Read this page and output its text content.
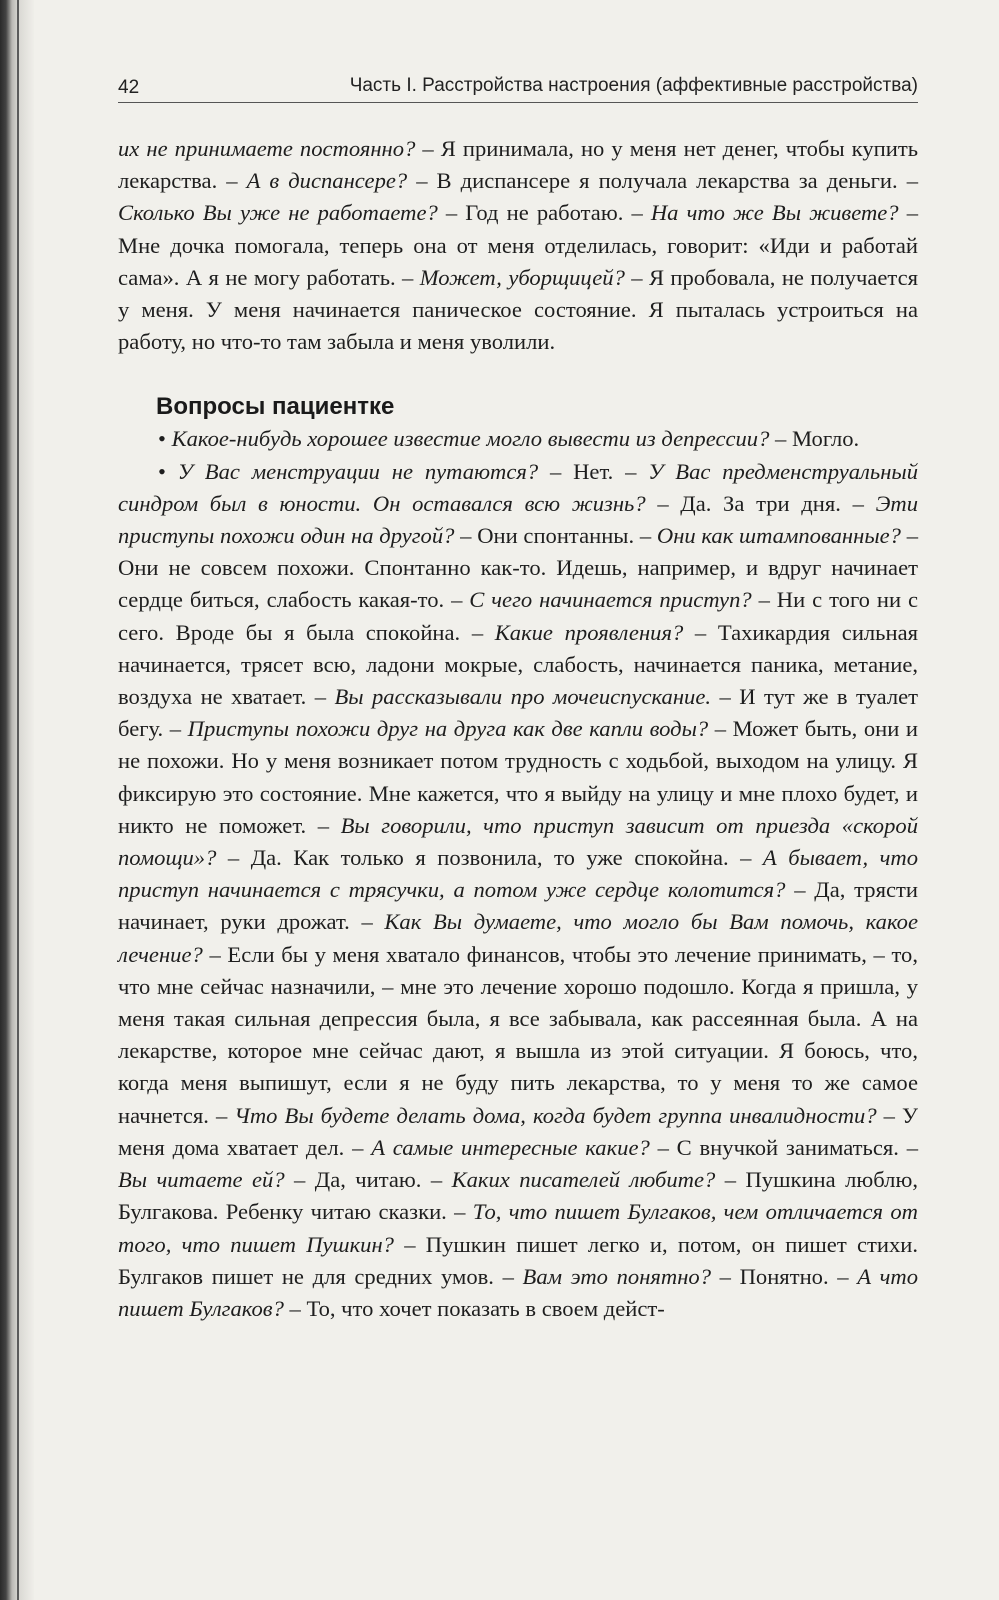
42	Часть I. Расстройства настроения (аффективные расстройства)

их не принимаете постоянно? – Я принимала, но у меня нет денег, чтобы купить лекарства. – А в диспансере? – В диспансере я получала лекарства за деньги. – Сколько Вы уже не работаете? – Год не работаю. – На что же Вы живете? – Мне дочка помогала, теперь она от меня отделилась, говорит: «Иди и работай сама». А я не могу работать. – Может, уборщицей? – Я пробовала, не получается у меня. У меня начинается паническое состояние. Я пыталась устроиться на работу, но что-то там забыла и меня уволили.

Вопросы пациентке

• Какое-нибудь хорошее известие могло вывести из депрессии? – Могло.

• У Вас менструации не путаются? – Нет. – У Вас предменструальный синдром был в юности. Он оставался всю жизнь? – Да. За три дня. – Эти приступы похожи один на другой? – Они спонтанны. – Они как штампованные? – Они не совсем похожи. Спонтанно как-то. Идешь, например, и вдруг начинает сердце биться, слабость какая-то. – С чего начинается приступ? – Ни с того ни с сего. Вроде бы я была спокойна. – Какие проявления? – Тахикардия сильная начинается, трясет всю, ладони мокрые, слабость, начинается паника, метание, воздуха не хватает. – Вы рассказывали про мочеиспускание. – И тут же в туалет бегу. – Приступы похожи друг на друга как две капли воды? – Может быть, они и не похожи. Но у меня возникает потом трудность с ходьбой, выходом на улицу. Я фиксирую это состояние. Мне кажется, что я выйду на улицу и мне плохо будет, и никто не поможет. – Вы говорили, что приступ зависит от приезда «скорой помощи»? – Да. Как только я позвонила, то уже спокойна. – А бывает, что приступ начинается с трясучки, а потом уже сердце колотится? – Да, трясти начинает, руки дрожат. – Как Вы думаете, что могло бы Вам помочь, какое лечение? – Если бы у меня хватало финансов, чтобы это лечение принимать, – то, что мне сейчас назначили, – мне это лечение хорошо подошло. Когда я пришла, у меня такая сильная депрессия была, я все забывала, как рассеянная была. А на лекарстве, которое мне сейчас дают, я вышла из этой ситуации. Я боюсь, что, когда меня выпишут, если я не буду пить лекарства, то у меня то же самое начнется. – Что Вы будете делать дома, когда будет группа инвалидности? – У меня дома хватает дел. – А самые интересные какие? – С внучкой заниматься. – Вы читаете ей? – Да, читаю. – Каких писателей любите? – Пушкина люблю, Булгакова. Ребенку читаю сказки. – То, что пишет Булгаков, чем отличается от того, что пишет Пушкин? – Пушкин пишет легко и, потом, он пишет стихи. Булгаков пишет не для средних умов. – Вам это понятно? – Понятно. – А что пишет Булгаков? – То, что хочет показать в своем дейст-
